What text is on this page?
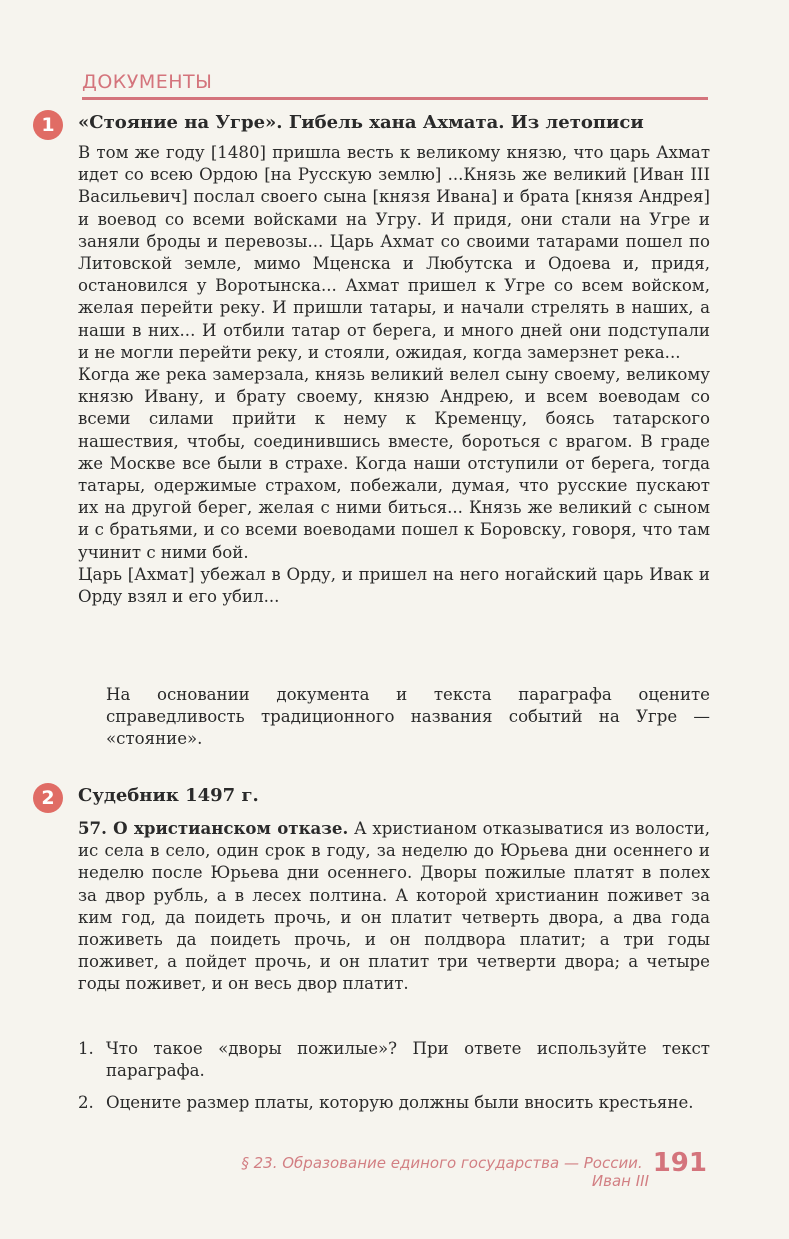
ДОКУМЕНТЫ
1	«Стояние на Угре». Гибель хана Ахмата. Из летописи

В том же году [1480] пришла весть к великому князю, что царь Ахмат идет со всею Ордою [на Русскую землю] ...Князь же великий [Иван III Васильевич] послал своего сына [князя Ивана] и брата [князя Андрея] и воевод со всеми войсками на Угру. И придя, они стали на Угре и заняли броды и перевозы... Царь Ахмат со своими татарами пошел по Литовской земле, мимо Мценска и Любутска и Одоева и, придя, остановился у Воротынска... Ахмат пришел к Угре со всем войском, желая перейти реку. И пришли татары, и начали стрелять в наших, а наши в них... И отбили татар от берега, и много дней они подступали и не могли перейти реку, и стояли, ожидая, когда замерзнет река...

Когда же река замерзала, князь великий велел сыну своему, великому князю Ивану, и брату своему, князю Андрею, и всем воеводам со всеми силами прийти к нему к Кременцу, боясь татарского нашествия, чтобы, соединившись вместе, бороться с врагом. В граде же Москве все были в страхе. Когда наши отступили от берега, тогда татары, одержимые страхом, побежали, думая, что русские пускают их на другой берег, желая с ними биться... Князь же великий с сыном и с братьями, и со всеми воеводами пошел к Боровску, говоря, что там учинит с ними бой.

Царь [Ахмат] убежал в Орду, и пришел на него ногайский царь Ивак и Орду взял и его убил...

На основании документа и текста параграфа оцените справедливость традиционного названия событий на Угре — «стояние».
2	Судебник 1497 г.

57. О христианском отказе. А христианом отказыватися из волости, ис села в село, один срок в году, за неделю до Юрьева дни осеннего и неделю после Юрьева дни осеннего. Дворы пожилые платят в полех за двор рубль, а в лесех полтина. А которой христианин поживет за ким год, да поидеть прочь, и он платит четверть двора, а два года поживеть да поидеть прочь, и он полдвора платит; а три годы поживет, а пойдет прочь, и он платит три четверти двора; а четыре годы поживет, и он весь двор платит.

1. Что такое «дворы пожилые»? При ответе используйте текст параграфа.
2. Оцените размер платы, которую должны были вносить крестьяне.
§ 23. Образование единого государства — России. 191
Иван III
